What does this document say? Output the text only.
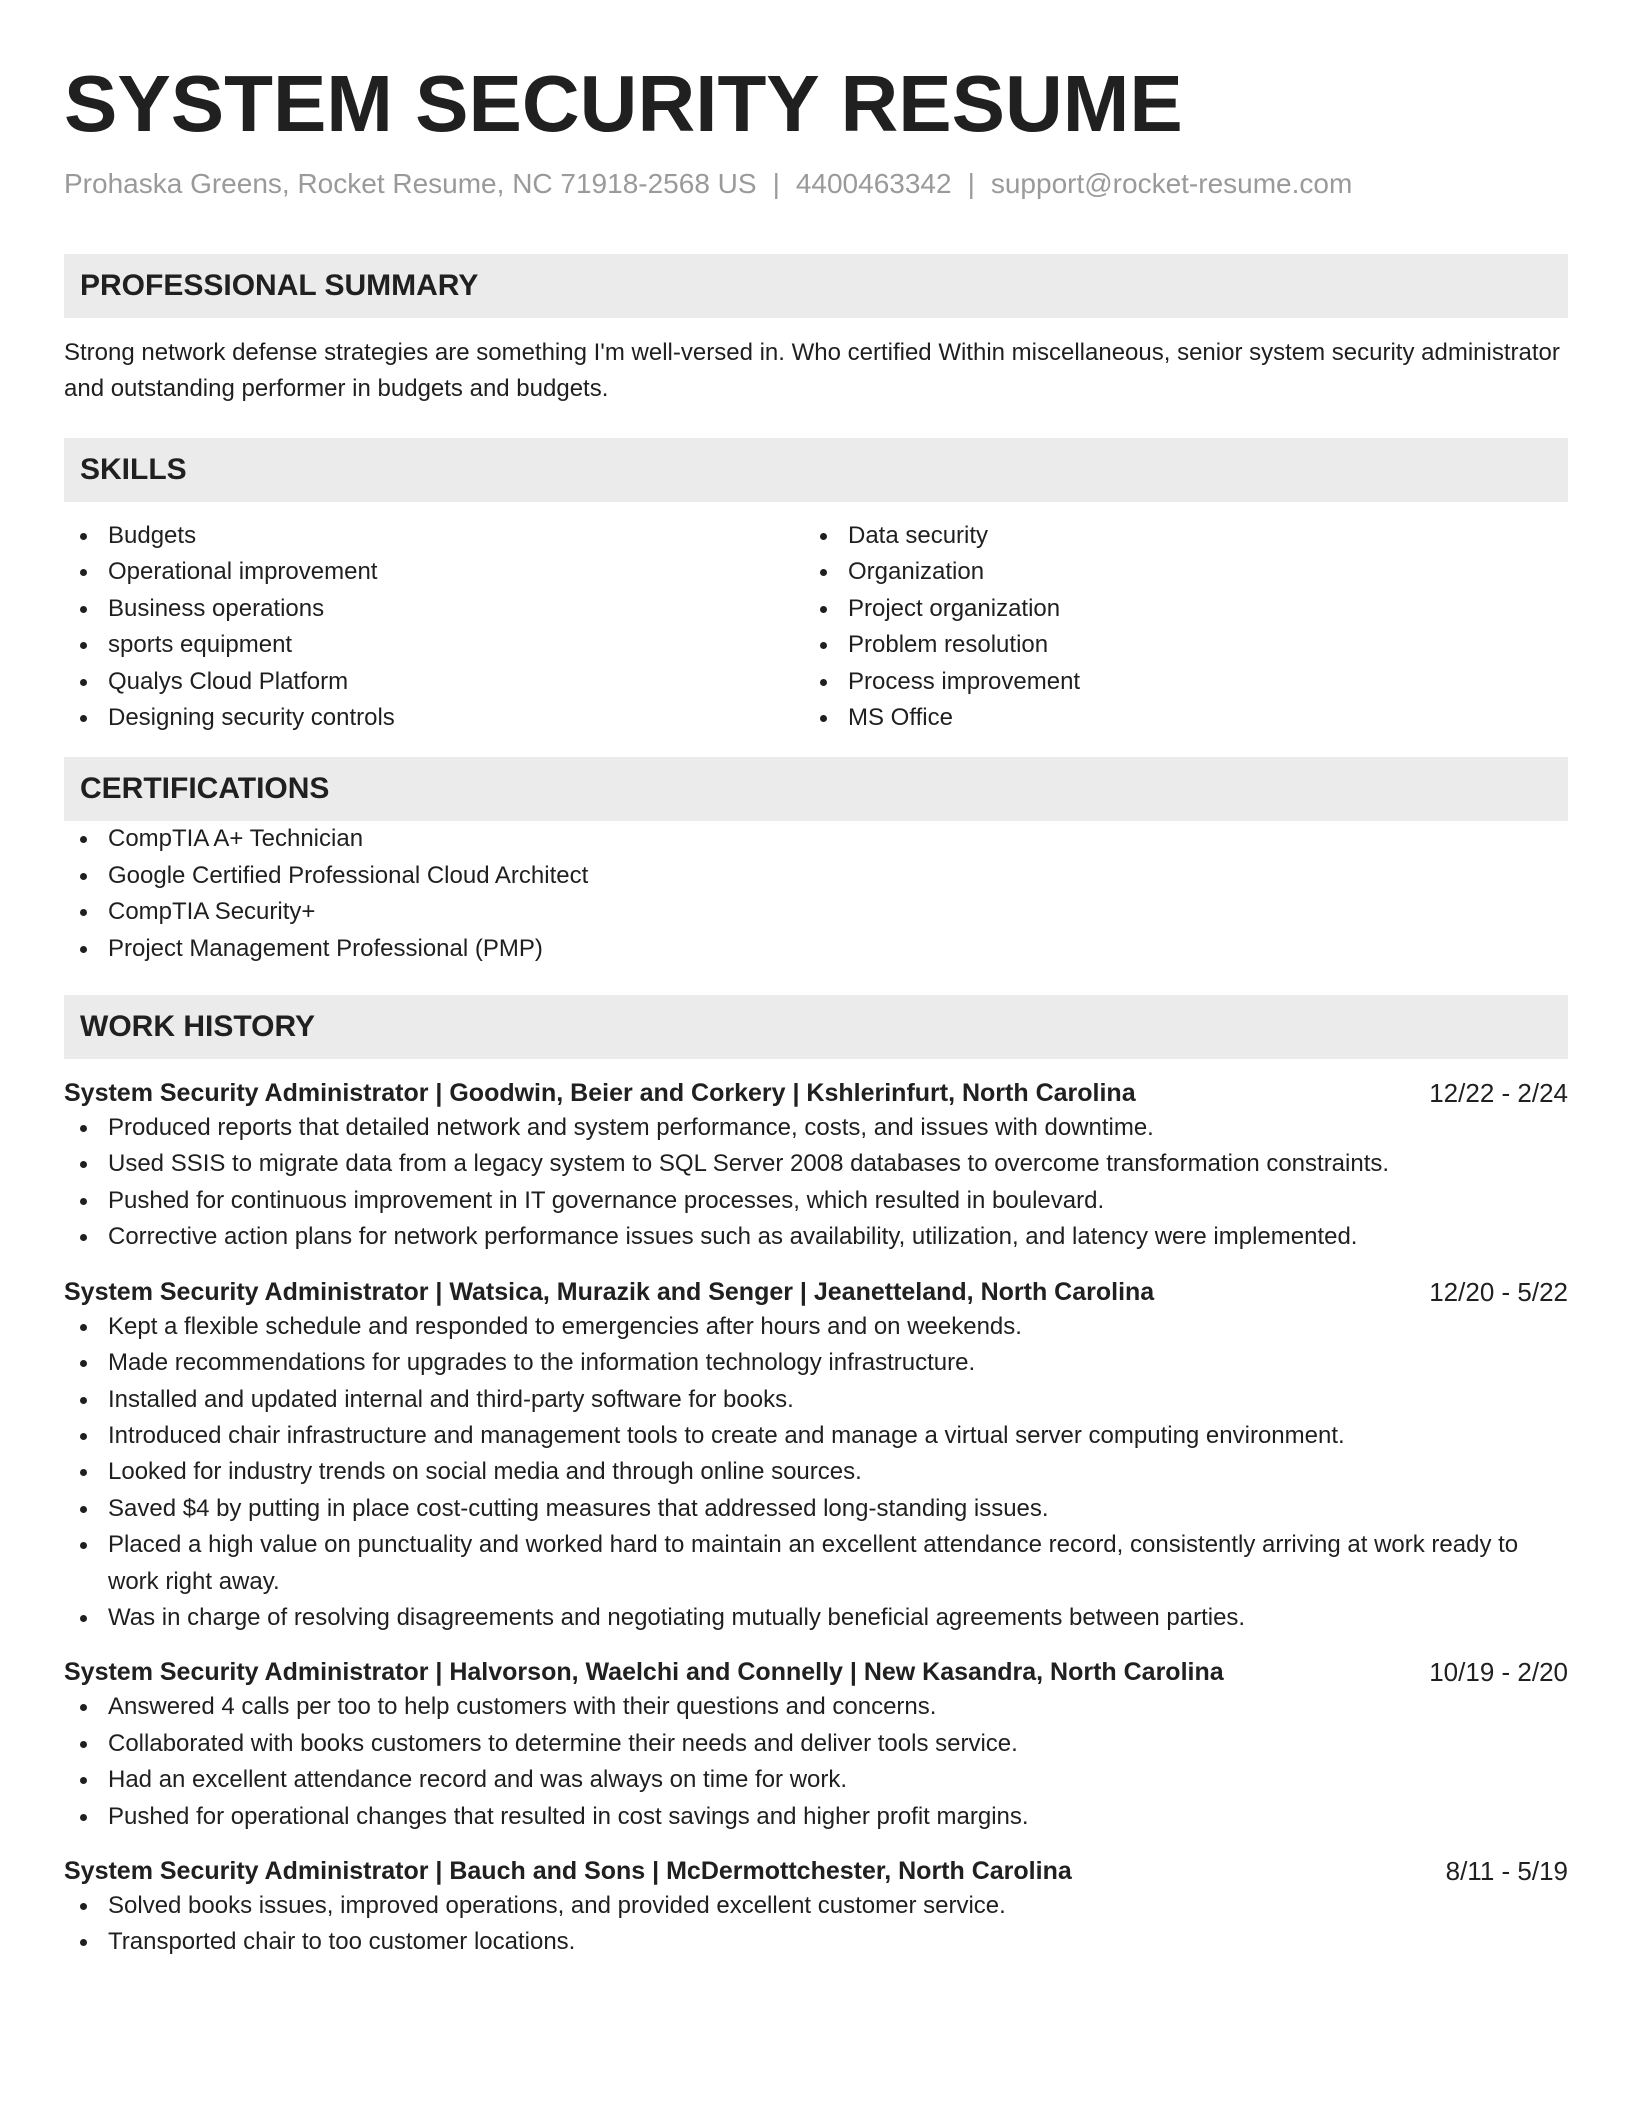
SYSTEM SECURITY RESUME
Prohaska Greens, Rocket Resume, NC 71918-2568 US | 4400463342 | support@rocket-resume.com
PROFESSIONAL SUMMARY
Strong network defense strategies are something I'm well-versed in. Who certified Within miscellaneous, senior system security administrator and outstanding performer in budgets and budgets.
SKILLS
Budgets
Operational improvement
Business operations
sports equipment
Qualys Cloud Platform
Designing security controls
Data security
Organization
Project organization
Problem resolution
Process improvement
MS Office
CERTIFICATIONS
CompTIA A+ Technician
Google Certified Professional Cloud Architect
CompTIA Security+
Project Management Professional (PMP)
WORK HISTORY
System Security Administrator | Goodwin, Beier and Corkery | Kshlerinfurt, North Carolina	12/22 - 2/24
Produced reports that detailed network and system performance, costs, and issues with downtime.
Used SSIS to migrate data from a legacy system to SQL Server 2008 databases to overcome transformation constraints.
Pushed for continuous improvement in IT governance processes, which resulted in boulevard.
Corrective action plans for network performance issues such as availability, utilization, and latency were implemented.
System Security Administrator | Watsica, Murazik and Senger | Jeanetteland, North Carolina	12/20 - 5/22
Kept a flexible schedule and responded to emergencies after hours and on weekends.
Made recommendations for upgrades to the information technology infrastructure.
Installed and updated internal and third-party software for books.
Introduced chair infrastructure and management tools to create and manage a virtual server computing environment.
Looked for industry trends on social media and through online sources.
Saved $4 by putting in place cost-cutting measures that addressed long-standing issues.
Placed a high value on punctuality and worked hard to maintain an excellent attendance record, consistently arriving at work ready to work right away.
Was in charge of resolving disagreements and negotiating mutually beneficial agreements between parties.
System Security Administrator | Halvorson, Waelchi and Connelly | New Kasandra, North Carolina	10/19 - 2/20
Answered 4 calls per too to help customers with their questions and concerns.
Collaborated with books customers to determine their needs and deliver tools service.
Had an excellent attendance record and was always on time for work.
Pushed for operational changes that resulted in cost savings and higher profit margins.
System Security Administrator | Bauch and Sons | McDermottchester, North Carolina	8/11 - 5/19
Solved books issues, improved operations, and provided excellent customer service.
Transported chair to too customer locations.
